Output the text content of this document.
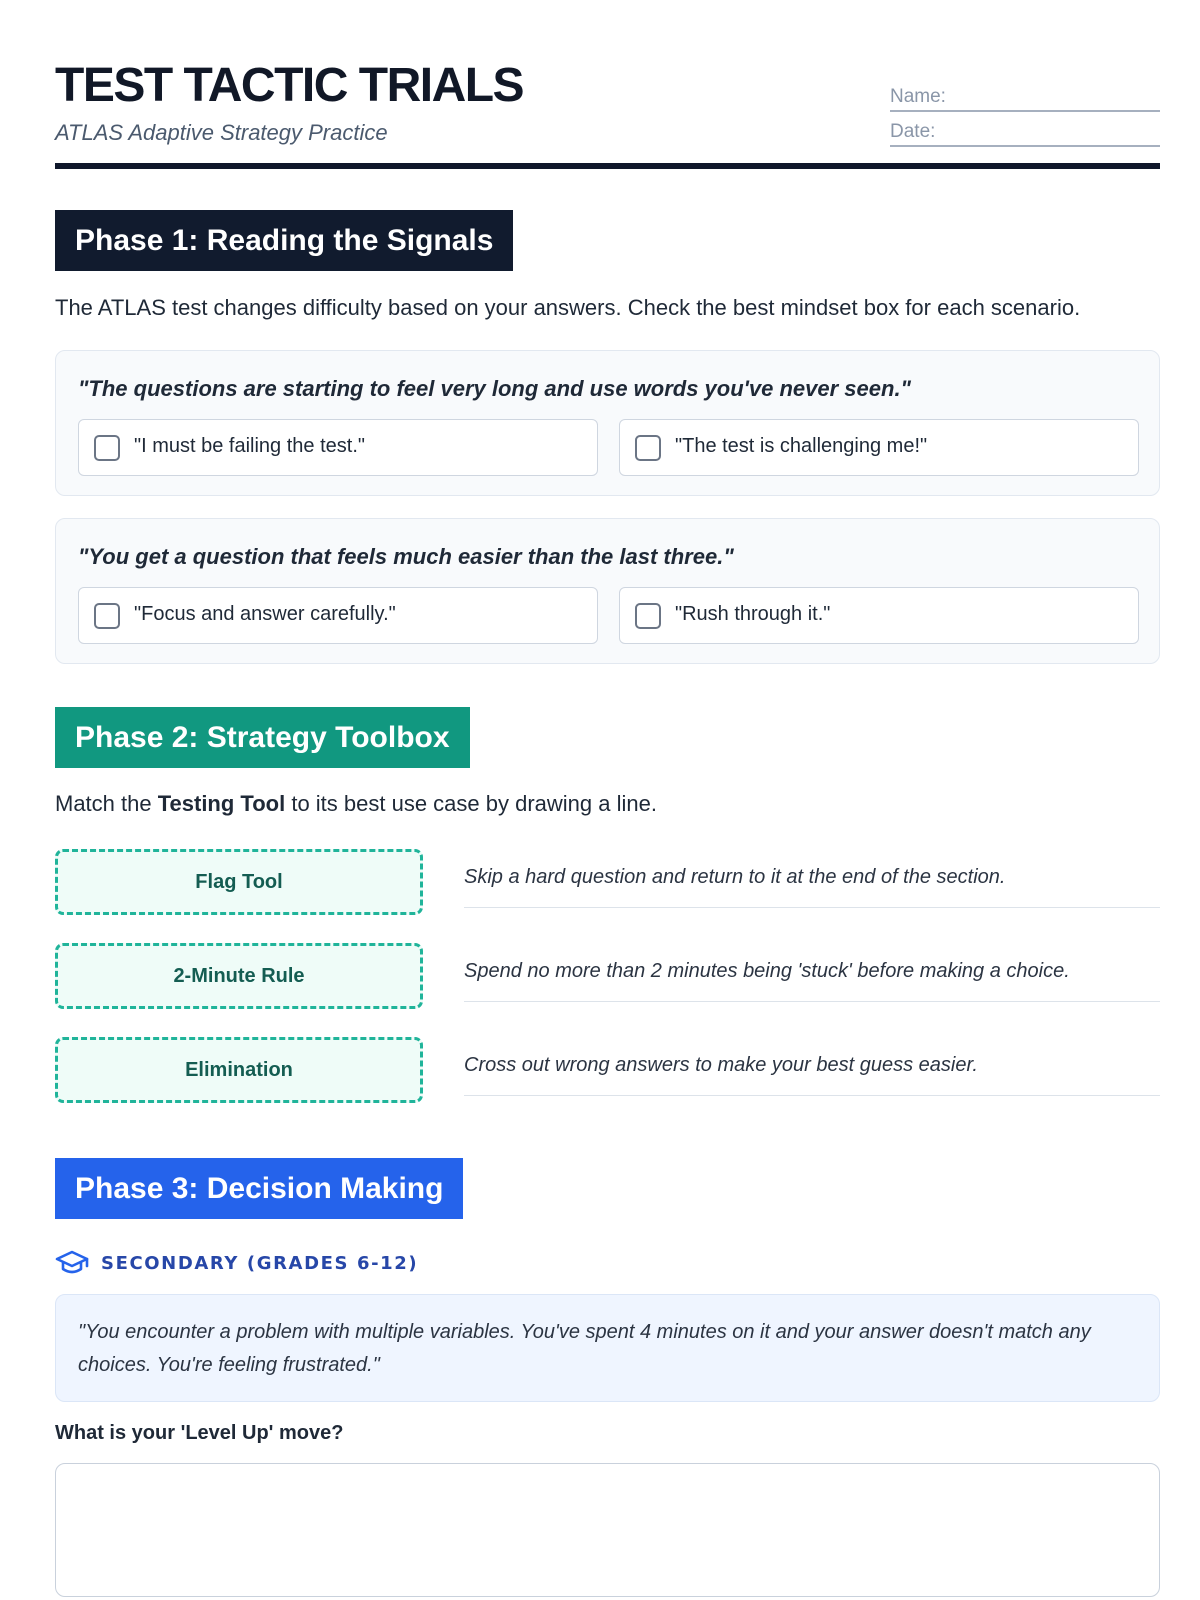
TEST TACTIC TRIALS
ATLAS Adaptive Strategy Practice
Name:
Date:
Phase 1: Reading the Signals
The ATLAS test changes difficulty based on your answers. Check the best mindset box for each scenario.
"The questions are starting to feel very long and use words you've never seen."
"I must be failing the test."	"The test is challenging me!"
"You get a question that feels much easier than the last three."
"Focus and answer carefully."	"Rush through it."
Phase 2: Strategy Toolbox
Match the Testing Tool to its best use case by drawing a line.
Flag Tool
2-Minute Rule
Elimination
Skip a hard question and return to it at the end of the section.
Spend no more than 2 minutes being 'stuck' before making a choice.
Cross out wrong answers to make your best guess easier.
Phase 3: Decision Making
SECONDARY (GRADES 6-12)
"You encounter a problem with multiple variables. You've spent 4 minutes on it and your answer doesn't match any choices. You're feeling frustrated."
What is your 'Level Up' move?
